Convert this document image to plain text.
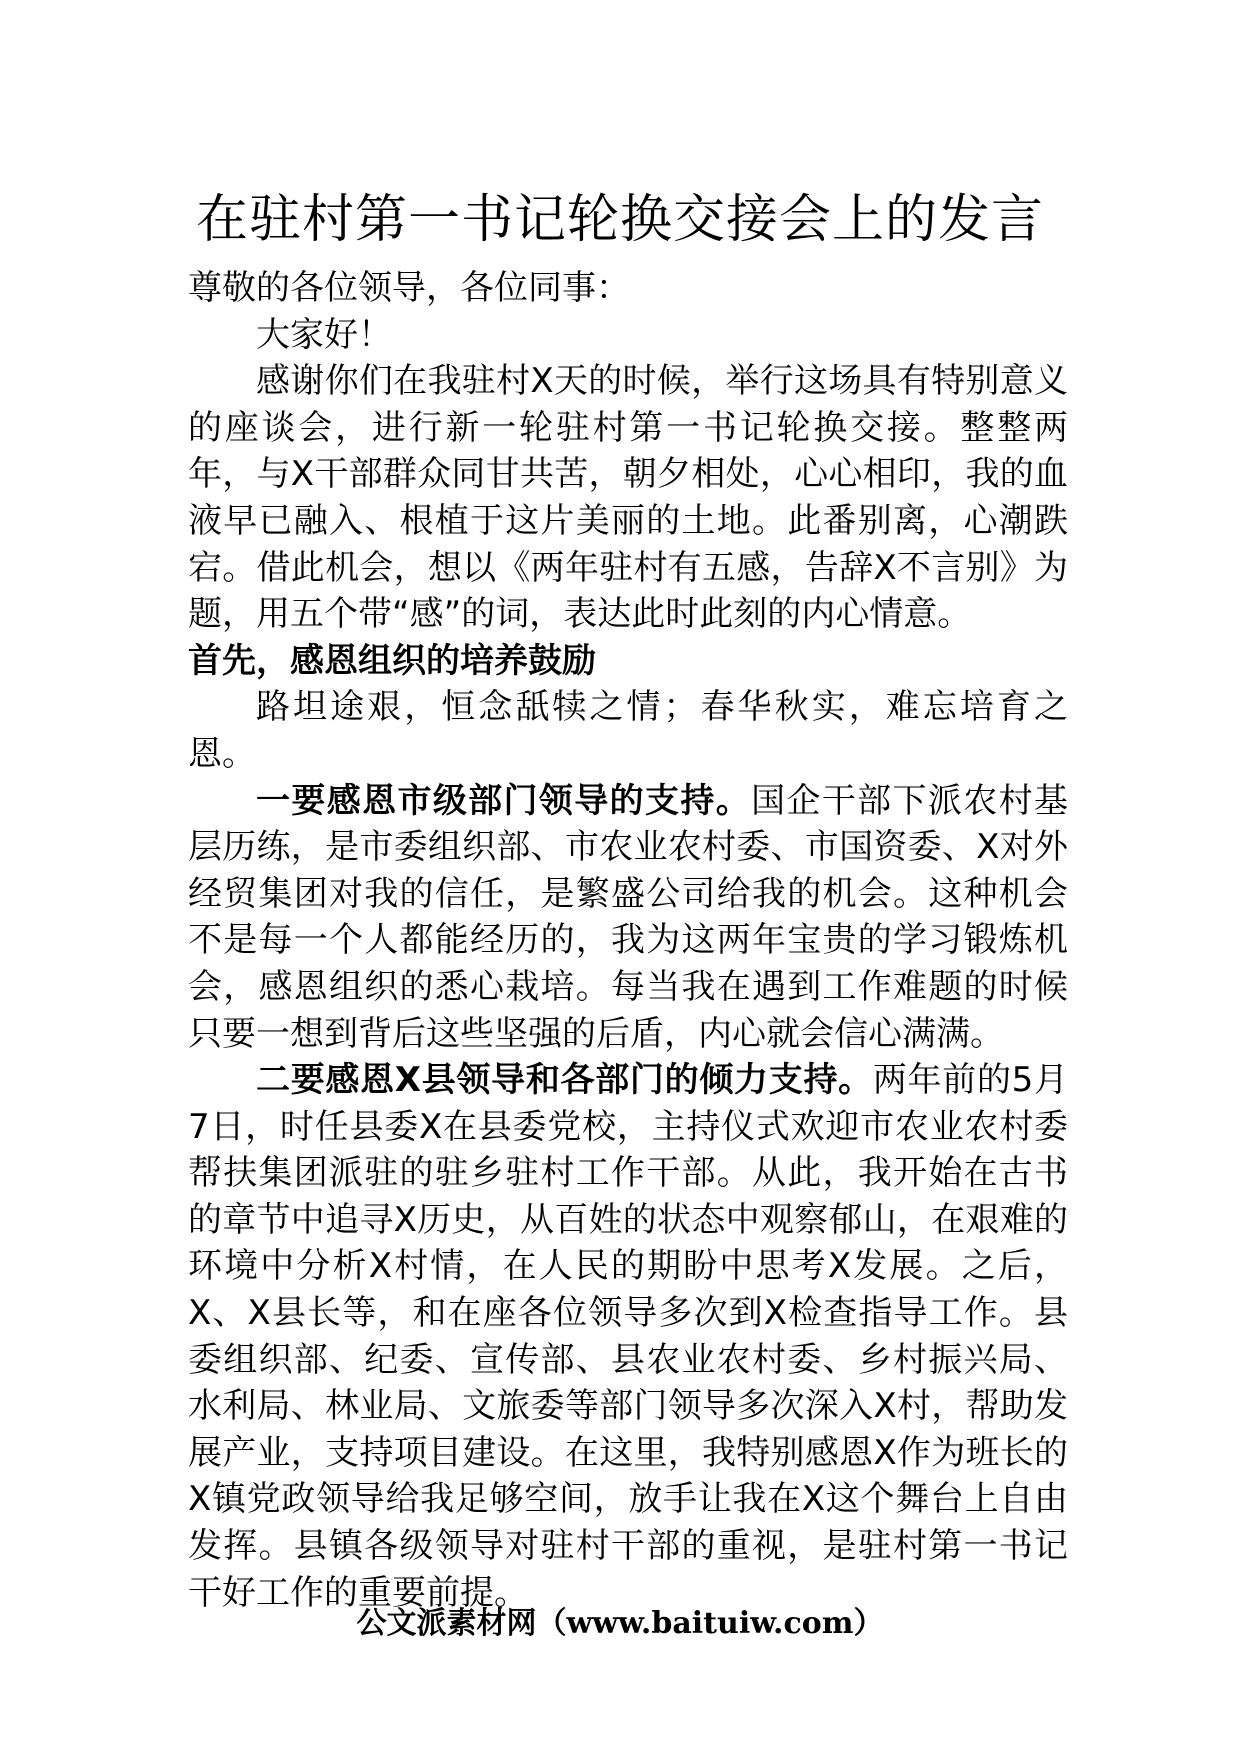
在驻村第一书记轮换交接会上的发言

尊敬的各位领导，各位同事：

大家好！

感谢你们在我驻村X天的时候，举行这场具有特别意义的座谈会，进行新一轮驻村第一书记轮换交接。整整两年，与X干部群众同甘共苦，朝夕相处，心心相印，我的血液早已融入、根植于这片美丽的土地。此番别离，心潮跌宕。借此机会，想以《两年驻村有五感，告辞X不言别》为题，用五个带“感”的词，表达此时此刻的内心情意。

首先，感恩组织的培养鼓励

路坦途艰，恒念舐犊之情；春华秋实，难忘培育之恩。

一要感恩市级部门领导的支持。国企干部下派农村基层历练，是市委组织部、市农业农村委、市国资委、X对外经贸集团对我的信任，是繁盛公司给我的机会。这种机会不是每一个人都能经历的，我为这两年宝贵的学习锻炼机会，感恩组织的悉心栽培。每当我在遇到工作难题的时候只要一想到背后这些坚强的后盾，内心就会信心满满。

二要感恩X县领导和各部门的倾力支持。两年前的5月7日，时任县委X在县委党校，主持仪式欢迎市农业农村委帮扶集团派驻的驻乡驻村工作干部。从此，我开始在古书的章节中追寻X历史，从百姓的状态中观察郁山，在艰难的环境中分析X村情，在人民的期盼中思考X发展。之后，X、X县长等，和在座各位领导多次到X检查指导工作。县委组织部、纪委、宣传部、县农业农村委、乡村振兴局、水利局、林业局、文旅委等部门领导多次深入X村，帮助发展产业，支持项目建设。在这里，我特别感恩X作为班长的X镇党政领导给我足够空间，放手让我在X这个舞台上自由发挥。县镇各级领导对驻村干部的重视，是驻村第一书记干好工作的重要前提。

公文派素材网（www.baituiw.com）
